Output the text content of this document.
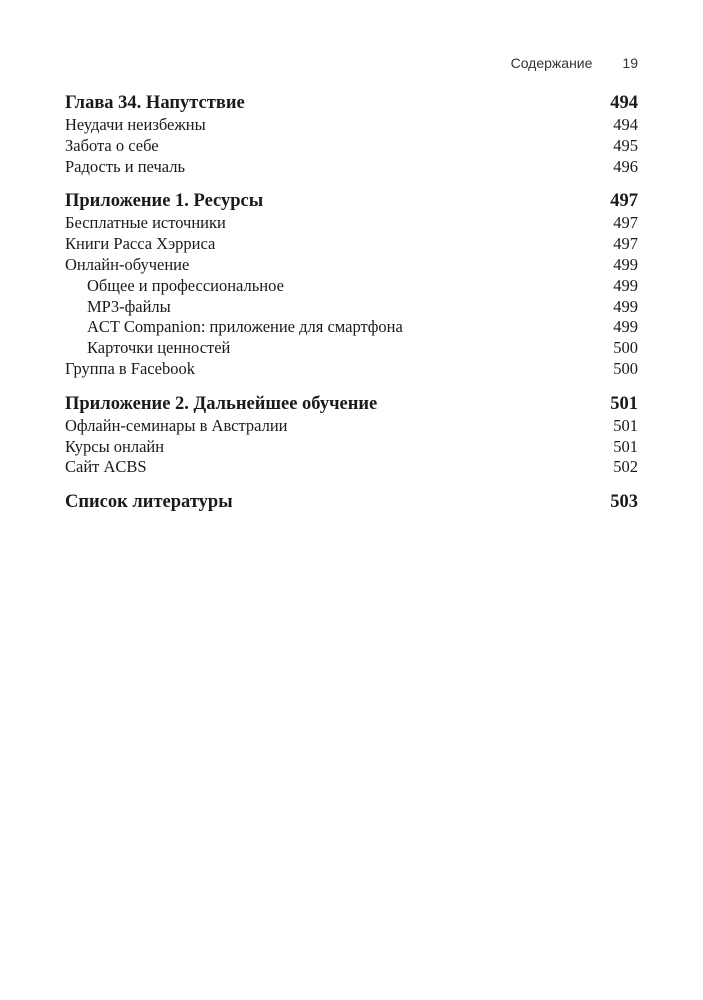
Содержание 19
Глава 34. Напутствие	494
Неудачи неизбежны	494
Забота о себе	495
Радость и печаль	496
Приложение 1. Ресурсы	497
Бесплатные источники	497
Книги Расса Хэрриса	497
Онлайн-обучение	499
Общее и профессиональное	499
MP3-файлы	499
ACT Companion: приложение для смартфона	499
Карточки ценностей	500
Группа в Facebook	500
Приложение 2. Дальнейшее обучение	501
Офлайн-семинары в Австралии	501
Курсы онлайн	501
Сайт ACBS	502
Список литературы	503
